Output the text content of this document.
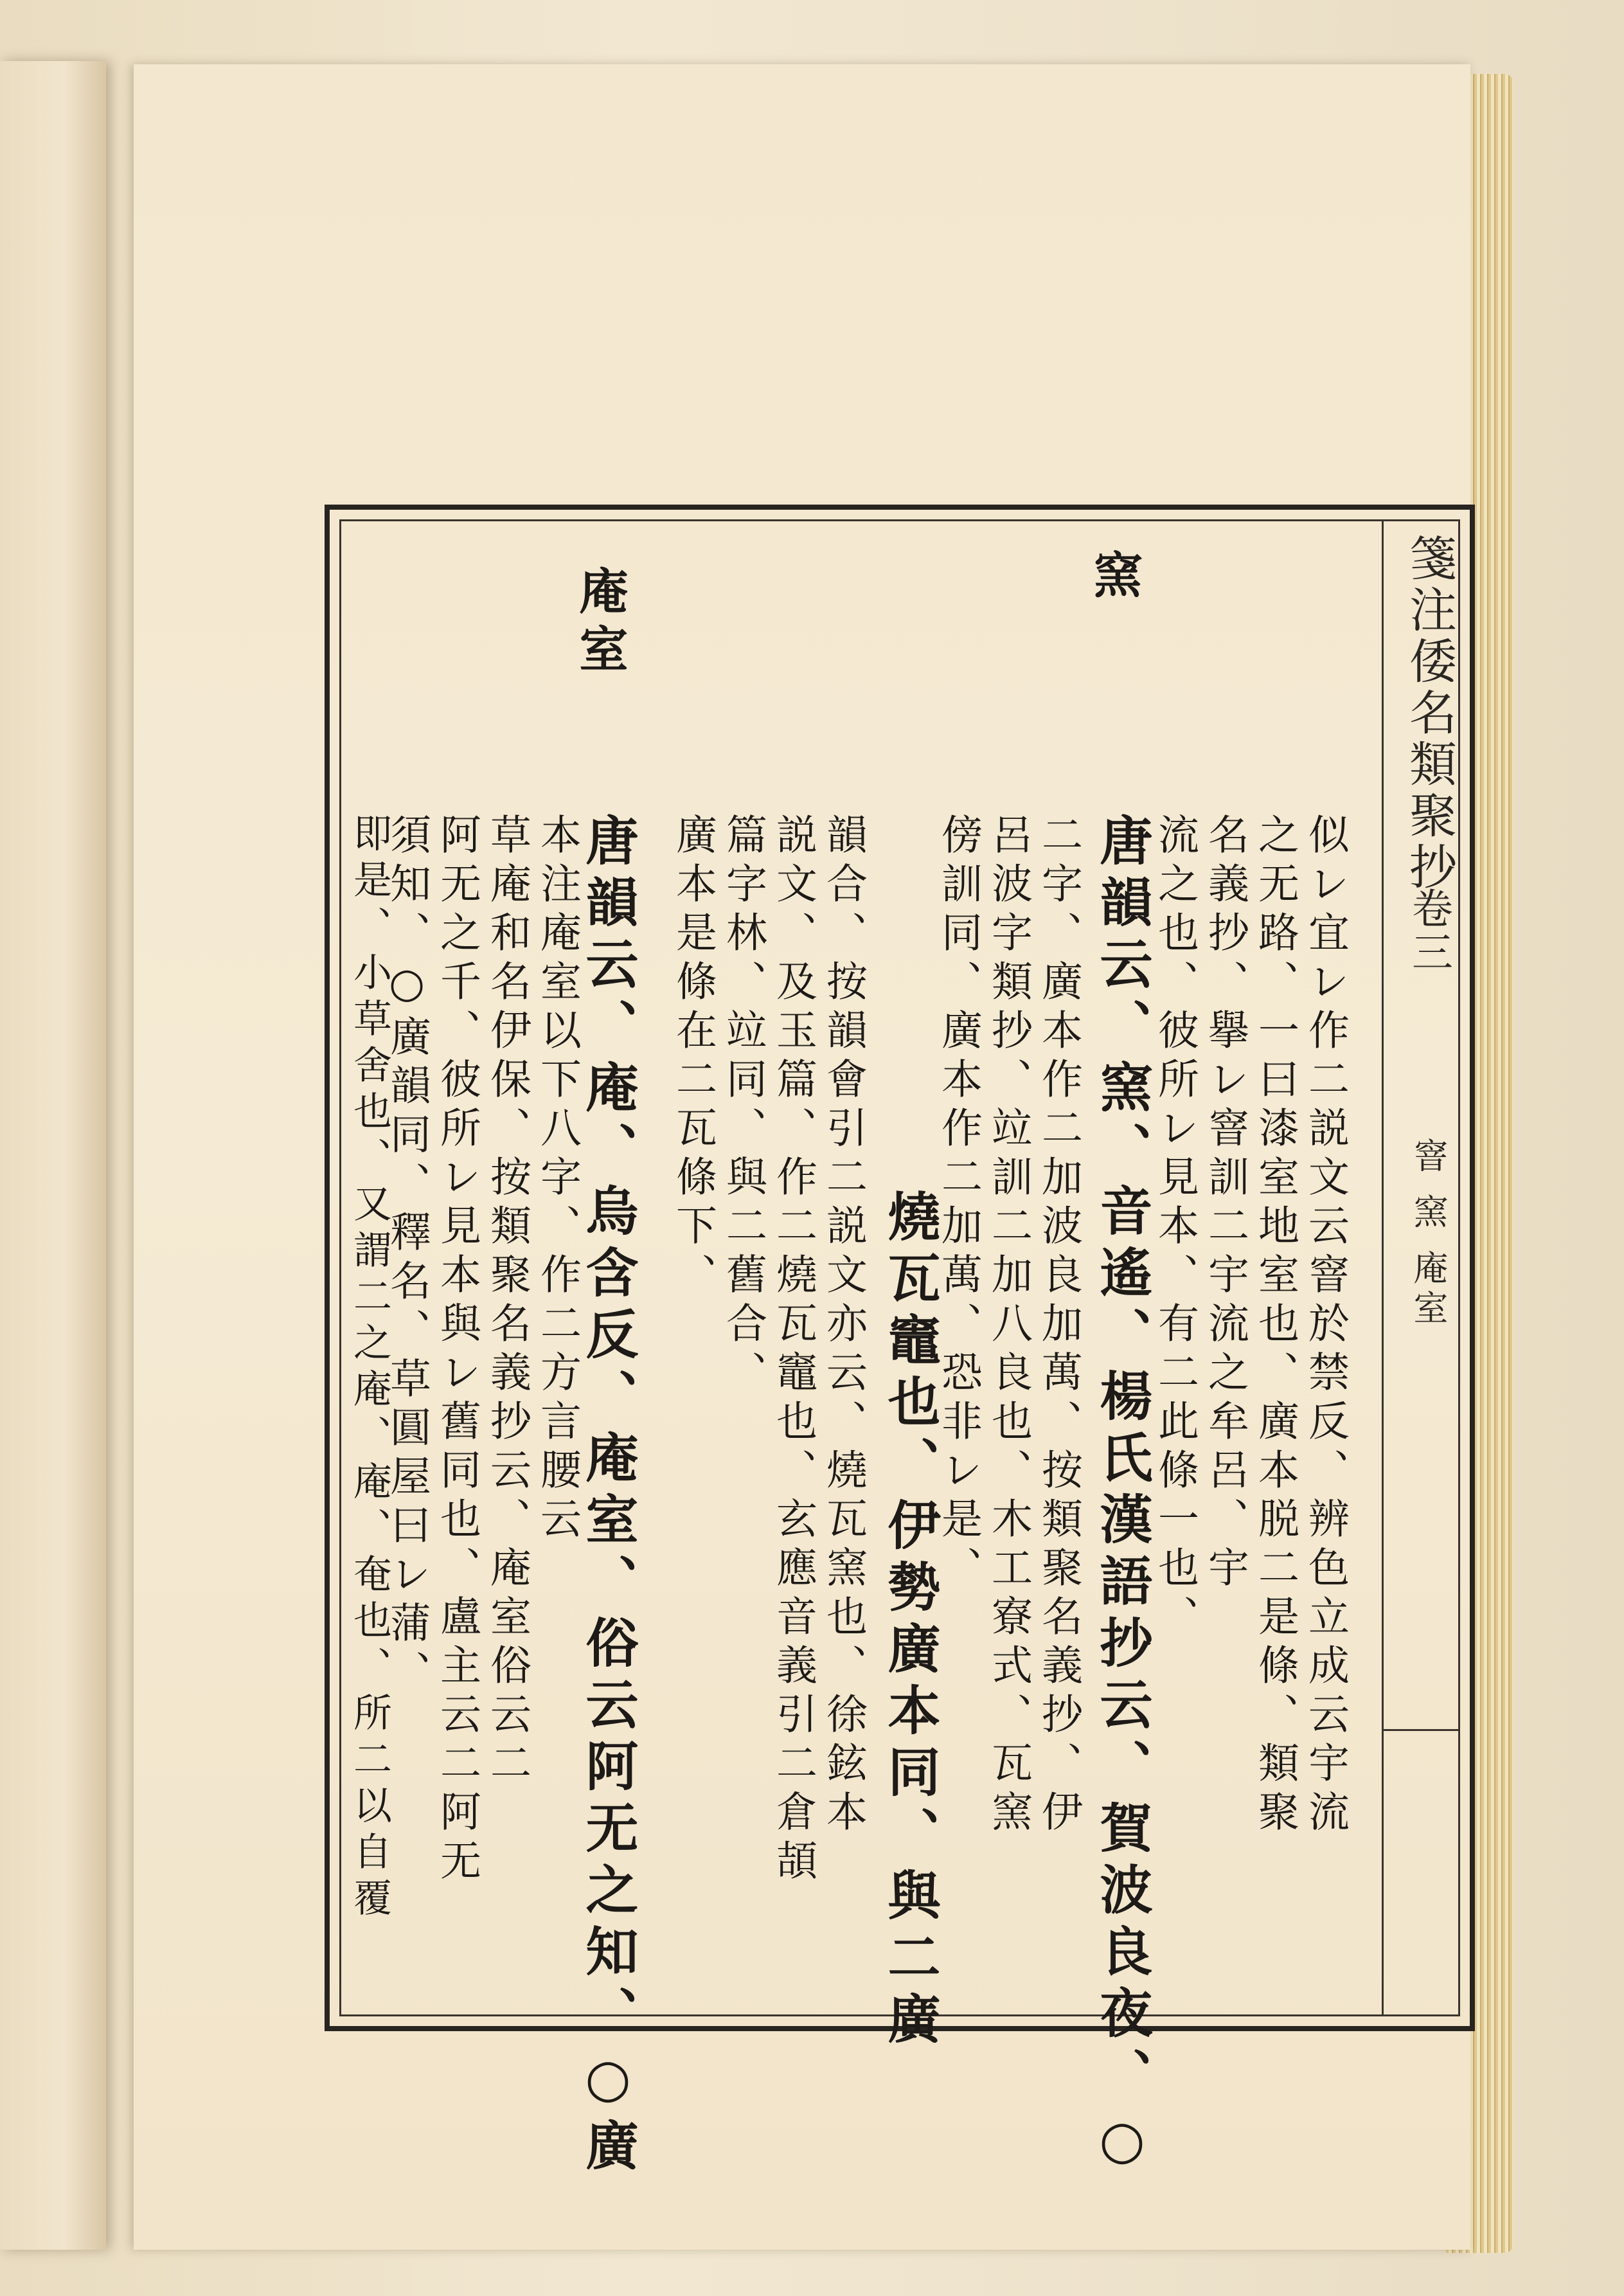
箋注倭名類聚抄
卷三
窨 窯 庵室
窯
庵室
似レ宜レ作二説文云窨於禁反、辨色立成云宇流
之无路、一曰漆室地室也、廣本脱二是條、類聚
名義抄、擧レ窨訓二宇流之牟呂、宇
流之也、彼所レ見本、有二此條一也、
唐韻云、窯、音遙、楊氏漢語抄云、賀波良夜、○
二字、廣本作二加波良加萬、按類聚名義抄、伊
呂波字類抄、竝訓二加八良也、木工寮式、瓦窯
傍訓同、廣本作二加萬、恐非レ是、
燒瓦竈也、伊勢廣本同、與二廣
韻合、按韻會引二説文亦云、燒瓦窯也、徐鉉本
説文、及玉篇、作二燒瓦竈也、玄應音義引二倉頡
篇字林、竝同、與二舊合、
廣本是條在二瓦條下、
唐韻云、庵、烏含反、庵室、俗云阿无之知、○廣
本注庵室以下八字、作二方言腰云
草庵和名伊保、按類聚名義抄云、庵室俗云二
阿无之千、彼所レ見本與レ舊同也、盧主云二阿无
須知、○廣韻同、釋名、草圓屋曰レ蒲、
即是、小草舍也、又謂二之庵、庵、奄也、所二以自覆
